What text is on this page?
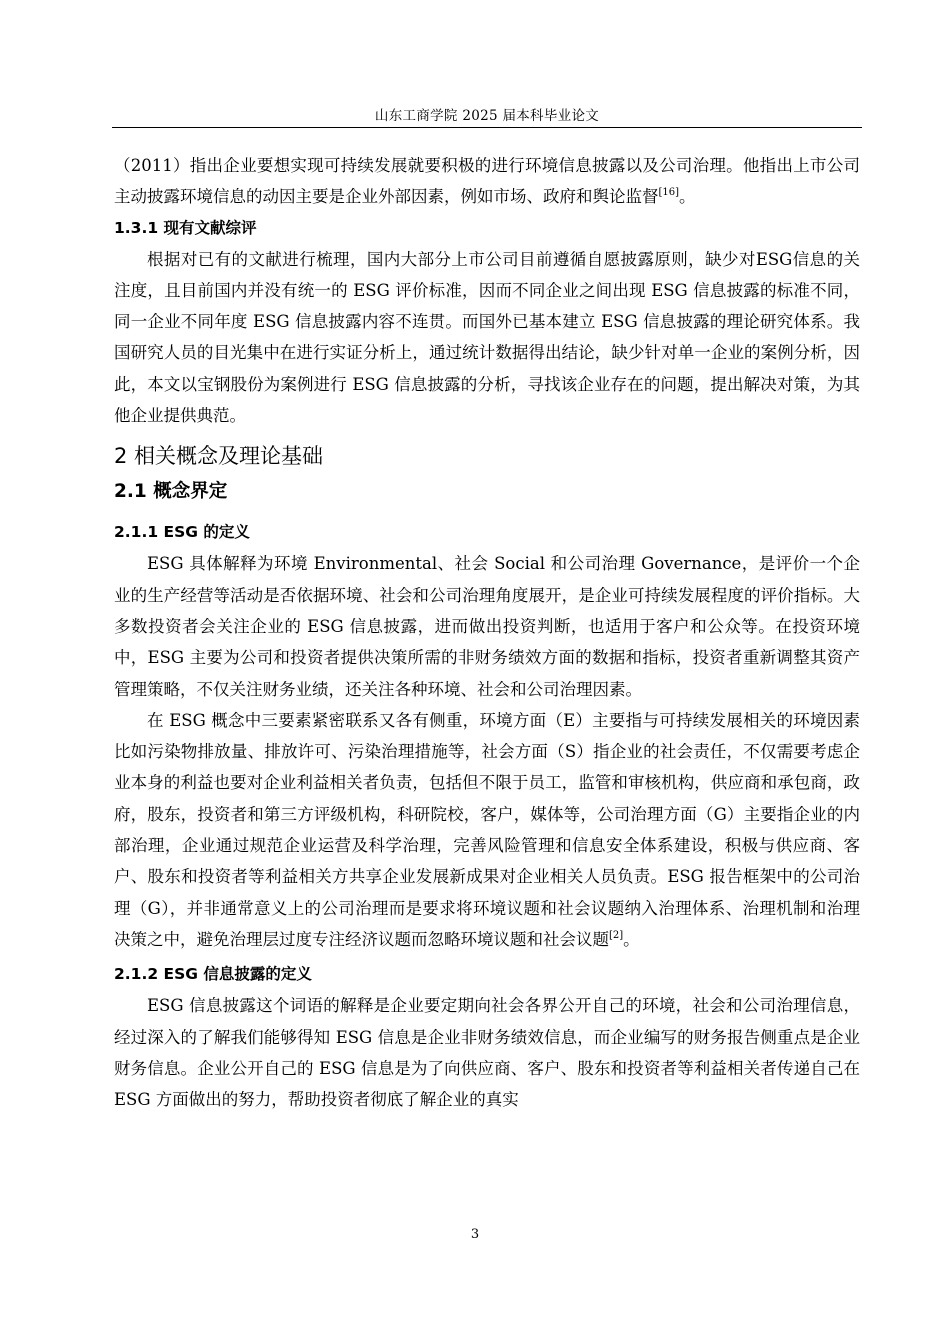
山东工商学院 2025 届本科毕业论文

（2011）指出企业要想实现可持续发展就要积极的进行环境信息披露以及公司治理。他指出上市公司主动披露环境信息的动因主要是企业外部因素，例如市场、政府和舆论监督[16]。

1.3.1 现有文献综评

根据对已有的文献进行梳理，国内大部分上市公司目前遵循自愿披露原则，缺少对ESG信息的关注度，且目前国内并没有统一的 ESG 评价标准，因而不同企业之间出现 ESG 信息披露的标准不同，同一企业不同年度 ESG 信息披露内容不连贯。而国外已基本建立 ESG 信息披露的理论研究体系。我国研究人员的目光集中在进行实证分析上，通过统计数据得出结论，缺少针对单一企业的案例分析，因此，本文以宝钢股份为案例进行 ESG 信息披露的分析，寻找该企业存在的问题，提出解决对策，为其他企业提供典范。

2 相关概念及理论基础
2.1 概念界定
2.1.1 ESG 的定义

ESG 具体解释为环境 Environmental、社会 Social 和公司治理 Governance，是评价一个企业的生产经营等活动是否依据环境、社会和公司治理角度展开，是企业可持续发展程度的评价指标。大多数投资者会关注企业的 ESG 信息披露，进而做出投资判断，也适用于客户和公众等。在投资环境中，ESG 主要为公司和投资者提供决策所需的非财务绩效方面的数据和指标，投资者重新调整其资产管理策略，不仅关注财务业绩，还关注各种环境、社会和公司治理因素。

在 ESG 概念中三要素紧密联系又各有侧重，环境方面（E）主要指与可持续发展相关的环境因素比如污染物排放量、排放许可、污染治理措施等，社会方面（S）指企业的社会责任，不仅需要考虑企业本身的利益也要对企业利益相关者负责，包括但不限于员工，监管和审核机构，供应商和承包商，政府，股东，投资者和第三方评级机构，科研院校，客户，媒体等，公司治理方面（G）主要指企业的内部治理，企业通过规范企业运营及科学治理，完善风险管理和信息安全体系建设，积极与供应商、客户、股东和投资者等利益相关方共享企业发展新成果对企业相关人员负责。ESG 报告框架中的公司治理（G），并非通常意义上的公司治理而是要求将环境议题和社会议题纳入治理体系、治理机制和治理决策之中，避免治理层过度专注经济议题而忽略环境议题和社会议题[2]。

2.1.2 ESG 信息披露的定义

ESG 信息披露这个词语的解释是企业要定期向社会各界公开自己的环境，社会和公司治理信息，经过深入的了解我们能够得知 ESG 信息是企业非财务绩效信息，而企业编写的财务报告侧重点是企业财务信息。企业公开自己的 ESG 信息是为了向供应商、客户、股东和投资者等利益相关者传递自己在 ESG 方面做出的努力，帮助投资者彻底了解企业的真实

3
